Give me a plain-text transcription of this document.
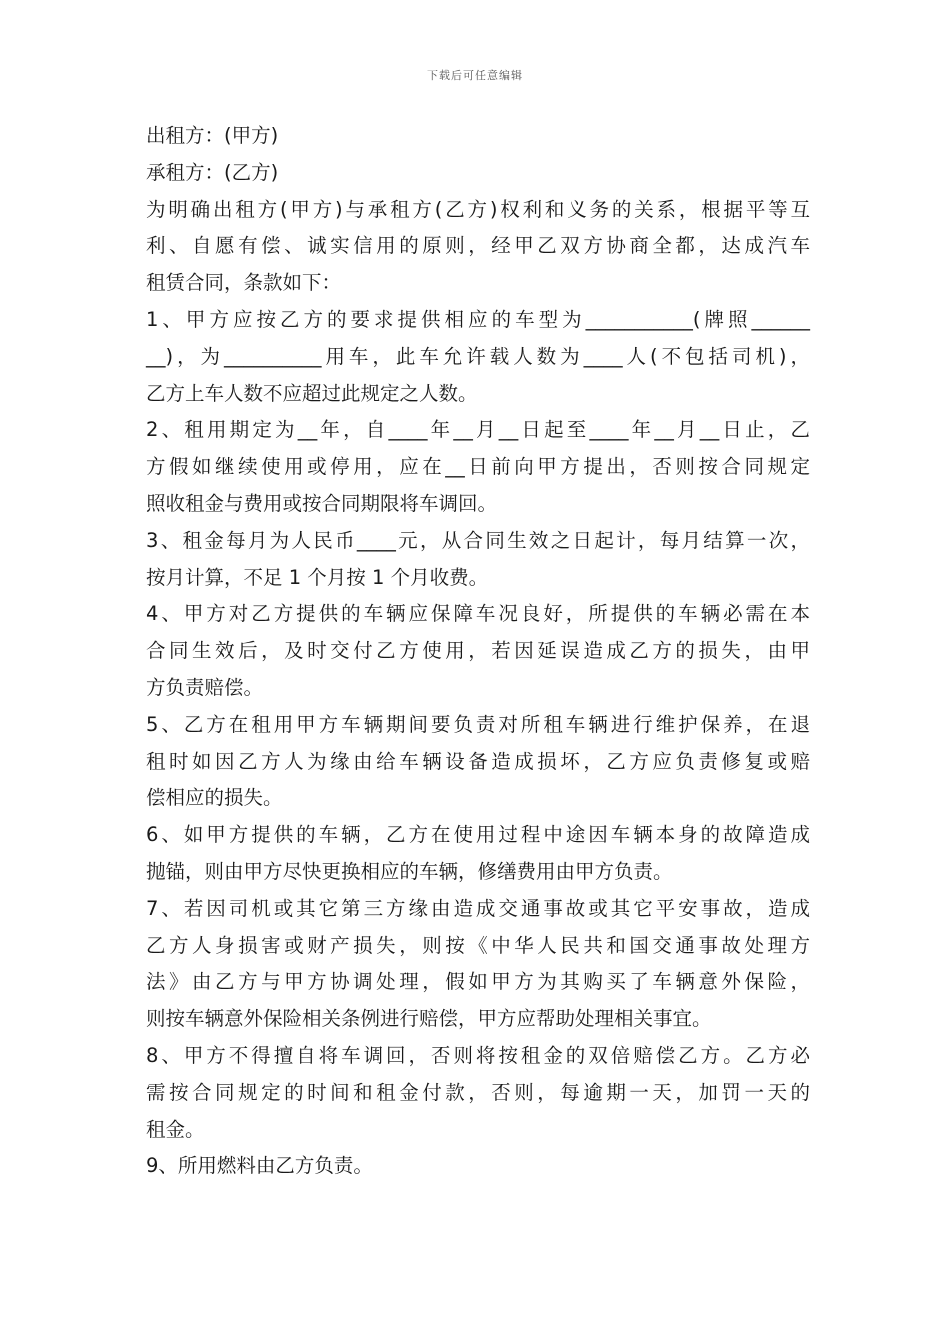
下载后可任意编辑
出租方：(甲方)
承租方：(乙方)
为明确出租方(甲方)与承租方(乙方)权利和义务的关系，根据平等互
利、自愿有偿、诚实信用的原则，经甲乙双方协商全都，达成汽车
租赁合同，条款如下：
1、甲方应按乙方的要求提供相应的车型为___________(牌照______
__)，为__________用车，此车允许载人数为____人(不包括司机)，
乙方上车人数不应超过此规定之人数。
2、租用期定为__年，自____年__月__日起至____年__月__日止，乙
方假如继续使用或停用，应在__日前向甲方提出，否则按合同规定
照收租金与费用或按合同期限将车调回。
3、租金每月为人民币____元，从合同生效之日起计，每月结算一次，
按月计算，不足 1 个月按 1 个月收费。
4、甲方对乙方提供的车辆应保障车况良好，所提供的车辆必需在本
合同生效后，及时交付乙方使用，若因延误造成乙方的损失，由甲
方负责赔偿。
5、乙方在租用甲方车辆期间要负责对所租车辆进行维护保养，在退
租时如因乙方人为缘由给车辆设备造成损坏，乙方应负责修复或赔
偿相应的损失。
6、如甲方提供的车辆，乙方在使用过程中途因车辆本身的故障造成
抛锚，则由甲方尽快更换相应的车辆，修缮费用由甲方负责。
7、若因司机或其它第三方缘由造成交通事故或其它平安事故，造成
乙方人身损害或财产损失，则按《中华人民共和国交通事故处理方
法》由乙方与甲方协调处理，假如甲方为其购买了车辆意外保险，
则按车辆意外保险相关条例进行赔偿，甲方应帮助处理相关事宜。
8、甲方不得擅自将车调回，否则将按租金的双倍赔偿乙方。乙方必
需按合同规定的时间和租金付款，否则，每逾期一天，加罚一天的
租金。
9、所用燃料由乙方负责。
